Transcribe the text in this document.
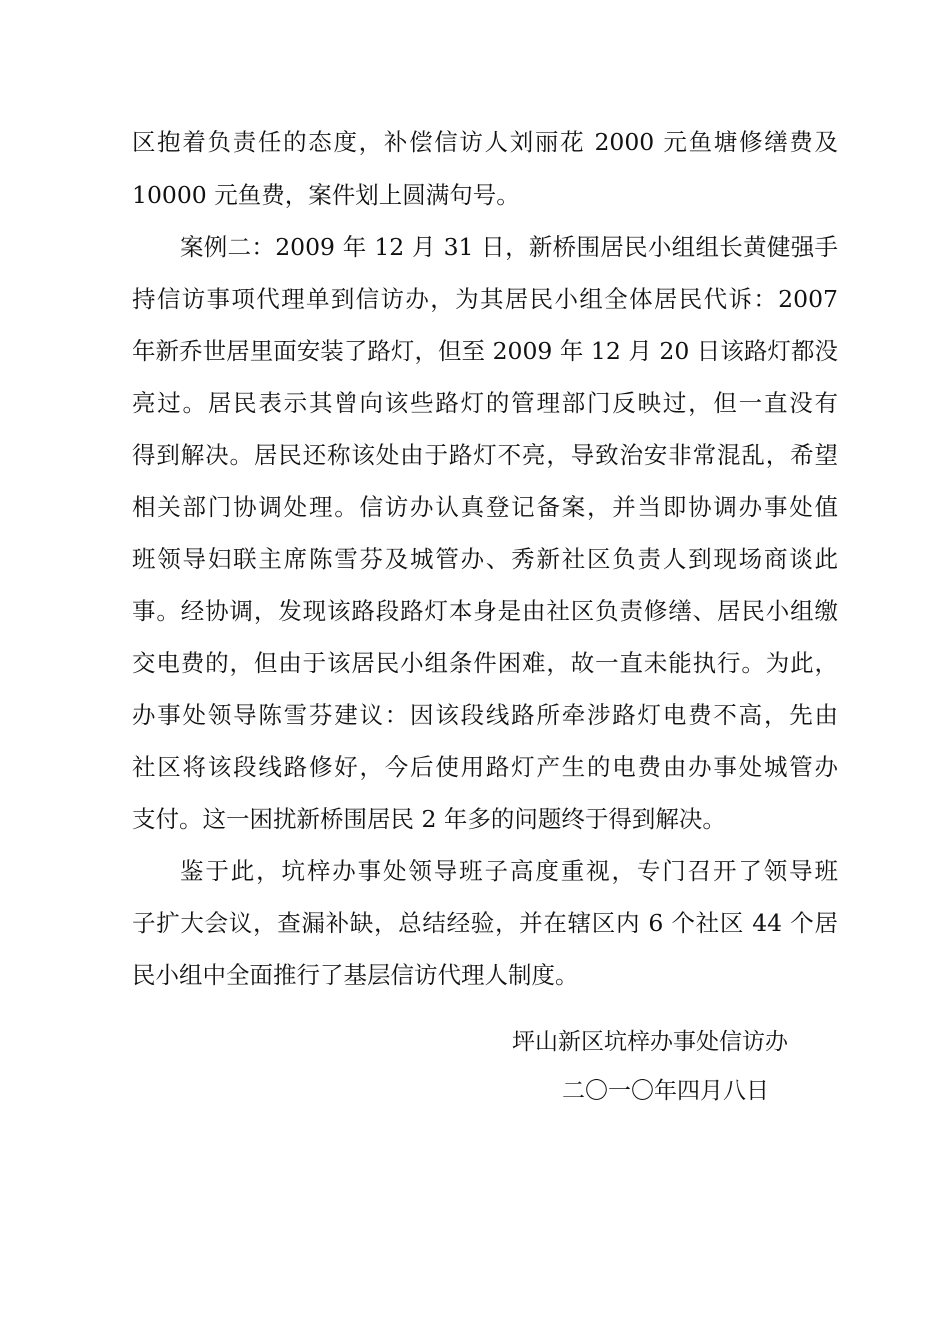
区抱着负责任的态度，补偿信访人刘丽花 2000 元鱼塘修缮费及
10000 元鱼费，案件划上圆满句号。
案例二：2009 年 12 月 31 日，新桥围居民小组组长黄健强手
持信访事项代理单到信访办，为其居民小组全体居民代诉：2007
年新乔世居里面安装了路灯，但至 2009 年 12 月 20 日该路灯都没
亮过。居民表示其曾向该些路灯的管理部门反映过，但一直没有
得到解决。居民还称该处由于路灯不亮，导致治安非常混乱，希望
相关部门协调处理。信访办认真登记备案，并当即协调办事处值
班领导妇联主席陈雪芬及城管办、秀新社区负责人到现场商谈此
事。经协调，发现该路段路灯本身是由社区负责修缮、居民小组缴
交电费的，但由于该居民小组条件困难，故一直未能执行。为此，
办事处领导陈雪芬建议：因该段线路所牵涉路灯电费不高，先由
社区将该段线路修好，今后使用路灯产生的电费由办事处城管办
支付。这一困扰新桥围居民 2 年多的问题终于得到解决。
鉴于此，坑梓办事处领导班子高度重视，专门召开了领导班
子扩大会议，查漏补缺，总结经验，并在辖区内 6 个社区 44 个居
民小组中全面推行了基层信访代理人制度。
坪山新区坑梓办事处信访办
二〇一〇年四月八日
